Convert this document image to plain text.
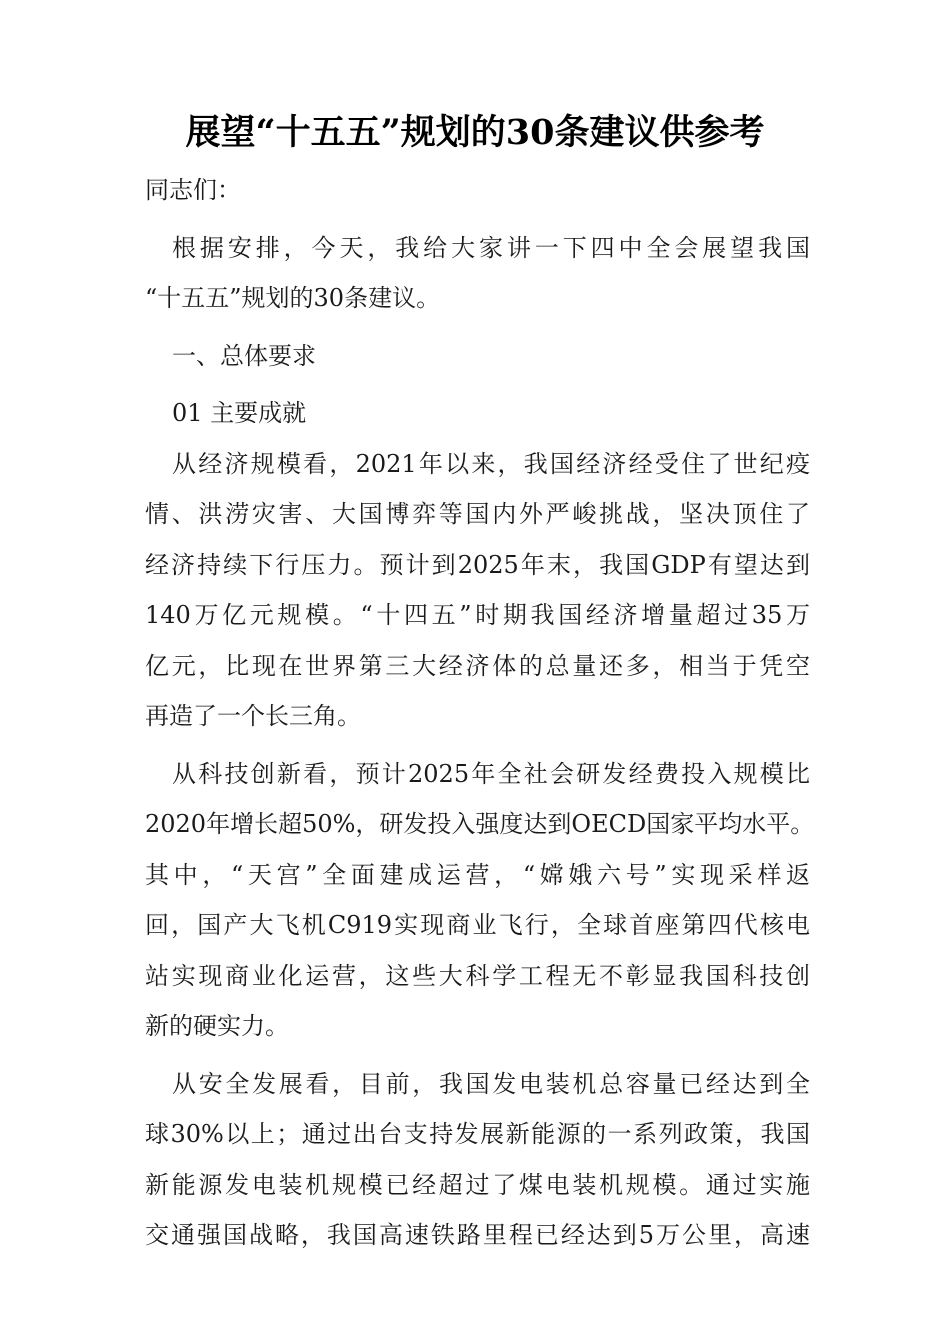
展望“十五五”规划的30条建议供参考
同志们：
根据安排，今天，我给大家讲一下四中全会展望我国
“十五五”规划的30条建议。
一、总体要求
01 主要成就
从经济规模看，2021年以来，我国经济经受住了世纪疫
情、洪涝灾害、大国博弈等国内外严峻挑战，坚决顶住了
经济持续下行压力。预计到2025年末，我国GDP有望达到
140万亿元规模。“十四五”时期我国经济增量超过35万
亿元，比现在世界第三大经济体的总量还多，相当于凭空
再造了一个长三角。
从科技创新看，预计2025年全社会研发经费投入规模比
2020年增长超50%，研发投入强度达到OECD国家平均水平。
其中，“天宫”全面建成运营，“嫦娥六号”实现采样返
回，国产大飞机C919实现商业飞行，全球首座第四代核电
站实现商业化运营，这些大科学工程无不彰显我国科技创
新的硬实力。
从安全发展看，目前，我国发电装机总容量已经达到全
球30%以上；通过出台支持发展新能源的一系列政策，我国
新能源发电装机规模已经超过了煤电装机规模。通过实施
交通强国战略，我国高速铁路里程已经达到5万公里，高速
